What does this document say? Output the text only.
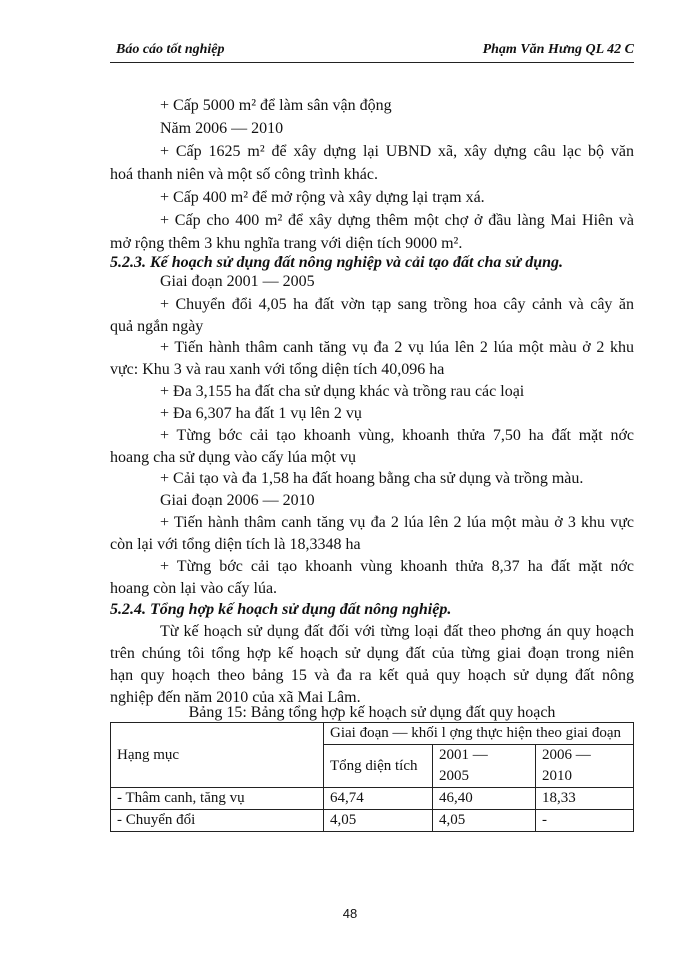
Báo cáo tốt nghiệp	Phạm Văn Hưng QL 42 C
+ Cấp 5000 m² để làm sân vận động
Năm 2006 — 2010
+ Cấp 1625 m² để xây dựng lại UBND xã, xây dựng câu lạc bộ văn
hoá thanh niên và một số công trình khác.
+ Cấp 400 m² để mở rộng và xây dựng lại trạm xá.
+ Cấp cho 400 m² để xây dựng thêm một chợ ở đầu làng Mai Hiên và
mở rộng thêm 3 khu nghĩa trang với diện tích 9000 m².
5.2.3. Kế hoạch sử dụng đất nông nghiệp và cải tạo đất cha sử dụng.
Giai đoạn 2001 — 2005
+ Chuyển đổi 4,05 ha đất vờn tạp sang trồng hoa cây cảnh và cây ăn
quả ngắn ngày
+ Tiến hành thâm canh tăng vụ đa 2 vụ lúa lên 2 lúa một màu ở 2 khu
vực: Khu 3 và rau xanh với tổng diện tích 40,096 ha
+ Đa 3,155 ha đất cha sử dụng khác và trồng rau các loại
+ Đa 6,307 ha đất 1 vụ lên 2 vụ
+ Từng bớc cải tạo khoanh vùng, khoanh thửa 7,50 ha đất mặt nớc
hoang cha sử dụng vào cấy lúa một vụ
+ Cải tạo và đa 1,58 ha đất hoang bằng cha sử dụng và trồng màu.
Giai đoạn 2006 — 2010
+ Tiến hành thâm canh tăng vụ đa 2 lúa lên 2 lúa một màu ở 3 khu vực
còn lại với tổng diện tích là 18,3348 ha
+ Từng bớc cải tạo khoanh vùng khoanh thửa 8,37 ha đất mặt nớc
hoang còn lại vào cấy lúa.
5.2.4. Tổng hợp kế hoạch sử dụng đất nông nghiệp.
Từ kế hoạch sử dụng đất đối với từng loại đất theo phơng án quy hoạch
trên chúng tôi tổng hợp kế hoạch sử dụng đất của từng giai đoạn trong niên
hạn quy hoạch theo bảng 15 và đa ra kết quả quy hoạch sử dụng đất nông
nghiệp đến năm 2010 của xã Mai Lâm.
Bảng 15: Bảng tổng hợp kế hoạch sử dụng đất quy hoạch
Hạng mục	Giai đoạn — khối l ợng thực hiện theo giai đoạn		
	Tổng diện tích	2001 —	2006 —
		2005	2010
- Thâm canh, tăng vụ	64,74	46,40	18,33
- Chuyển đổi	4,05	4,05	-
48
